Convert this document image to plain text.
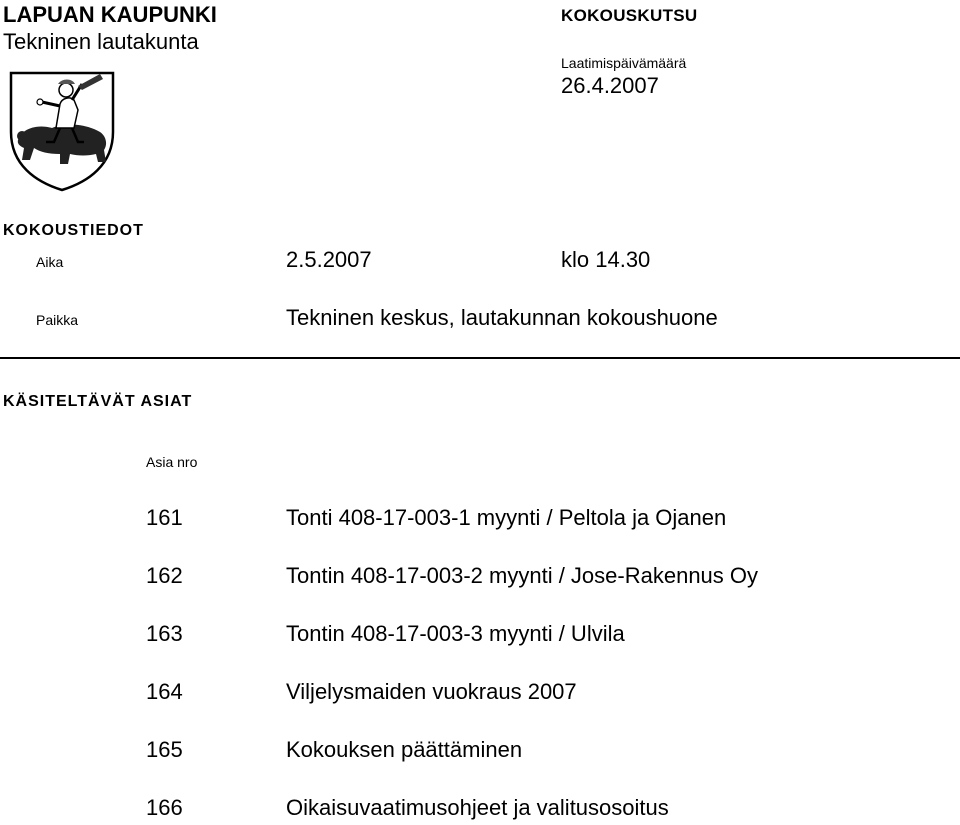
LAPUAN KAUPUNKI
Tekninen lautakunta
KOKOUSKUTSU
Laatimispäivämäärä
26.4.2007
KOKOUSTIEDOT
Aika	2.5.2007	klo 14.30
Paikka	Tekninen keskus, lautakunnan kokoushuone
KÄSITELTÄVÄT ASIAT
Asia nro
161	Tonti 408-17-003-1 myynti / Peltola ja Ojanen
162	Tontin 408-17-003-2 myynti / Jose-Rakennus Oy
163	Tontin 408-17-003-3 myynti / Ulvila
164	Viljelysmaiden vuokraus 2007
165	Kokouksen päättäminen
166	Oikaisuvaatimusohjeet ja valitusosoitus
